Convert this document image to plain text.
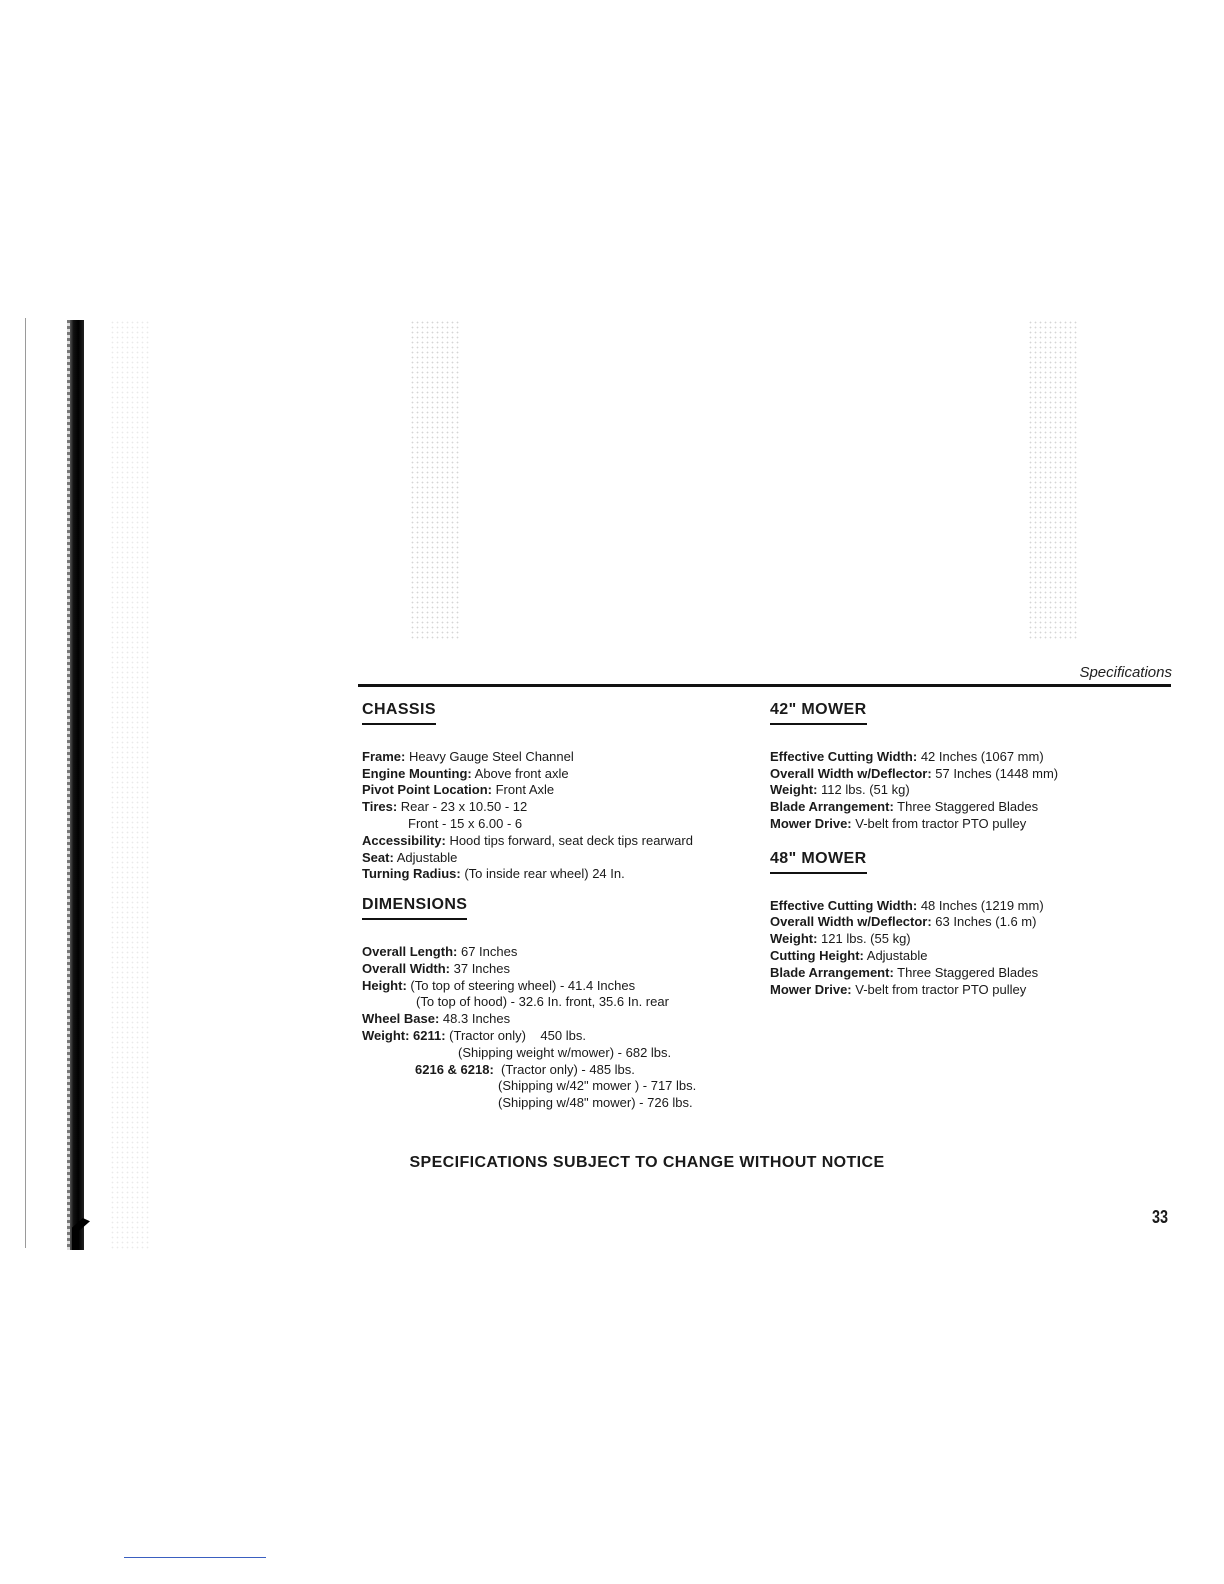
Specifications
CHASSIS
Frame: Heavy Gauge Steel Channel
Engine Mounting: Above front axle
Pivot Point Location: Front Axle
Tires: Rear - 23 x 10.50 - 12
Front - 15 x 6.00 - 6
Accessibility: Hood tips forward, seat deck tips rearward
Seat: Adjustable
Turning Radius: (To inside rear wheel) 24 In.
DIMENSIONS
Overall Length: 67 Inches
Overall Width: 37 Inches
Height: (To top of steering wheel) - 41.4 Inches
(To top of hood) - 32.6 In. front, 35.6 In. rear
Wheel Base: 48.3 Inches
Weight: 6211: (Tractor only)    450 lbs.
(Shipping weight w/mower) - 682 lbs.
6216 & 6218:  (Tractor only) - 485 lbs.
(Shipping w/42" mower ) - 717 lbs.
(Shipping w/48" mower) - 726 lbs.
42" MOWER
Effective Cutting Width: 42 Inches (1067 mm)
Overall Width w/Deflector: 57 Inches (1448 mm)
Weight: 112 lbs. (51 kg)
Blade Arrangement: Three Staggered Blades
Mower Drive: V-belt from tractor PTO pulley
48" MOWER
Effective Cutting Width: 48 Inches (1219 mm)
Overall Width w/Deflector: 63 Inches (1.6 m)
Weight: 121 lbs. (55 kg)
Cutting Height: Adjustable
Blade Arrangement: Three Staggered Blades
Mower Drive: V-belt from tractor PTO pulley
SPECIFICATIONS SUBJECT TO CHANGE WITHOUT NOTICE
33
